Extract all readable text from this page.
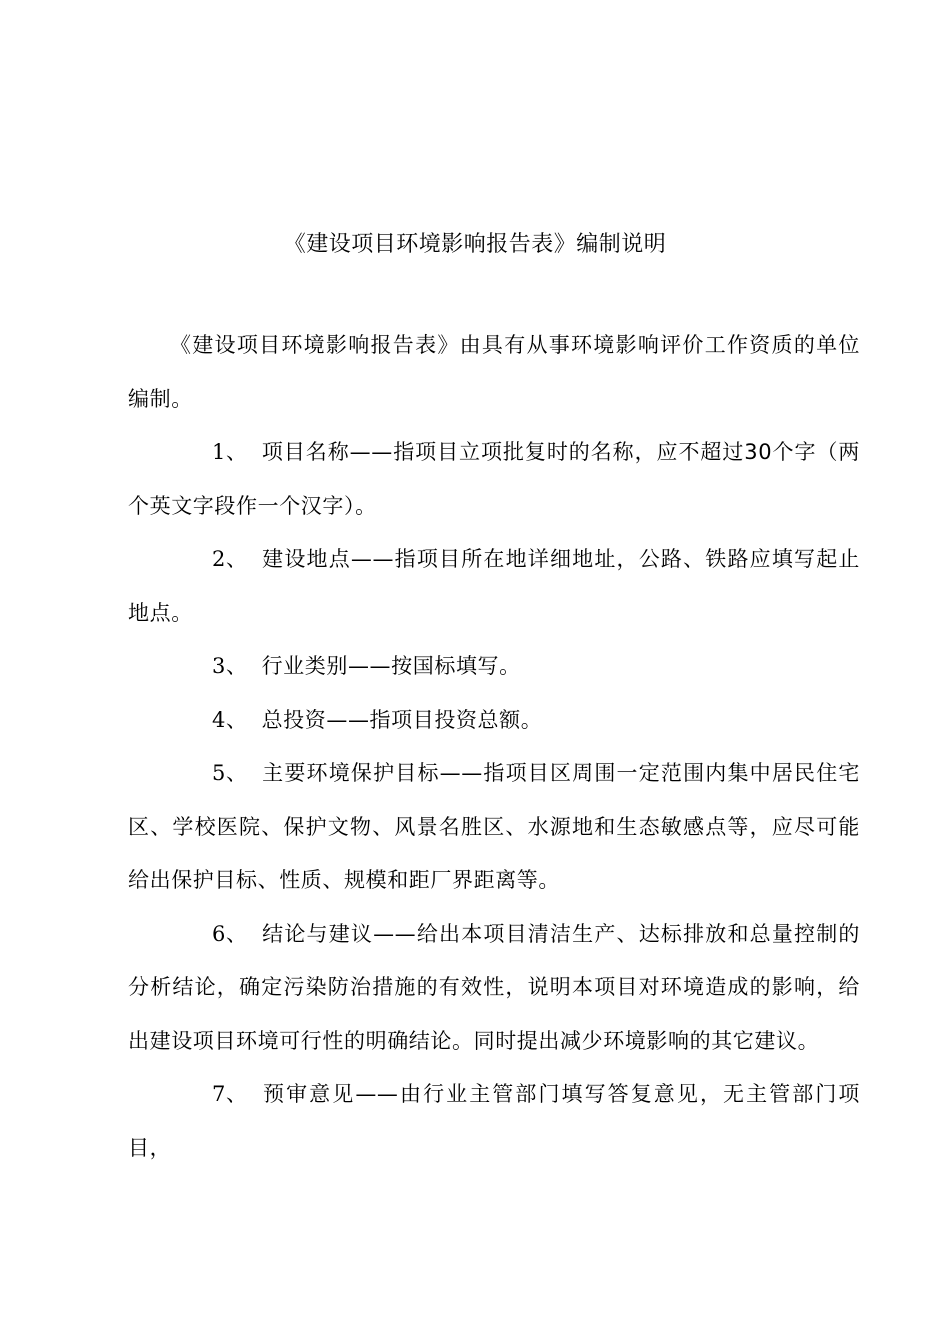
《建设项目环境影响报告表》编制说明

《建设项目环境影响报告表》由具有从事环境影响评价工作资质的单位编制。

1、 项目名称——指项目立项批复时的名称，应不超过30个字（两个英文字段作一个汉字）。

2、 建设地点——指项目所在地详细地址，公路、铁路应填写起止地点。

3、 行业类别——按国标填写。

4、 总投资——指项目投资总额。

5、 主要环境保护目标——指项目区周围一定范围内集中居民住宅区、学校医院、保护文物、风景名胜区、水源地和生态敏感点等，应尽可能给出保护目标、性质、规模和距厂界距离等。

6、 结论与建议——给出本项目清洁生产、达标排放和总量控制的分析结论，确定污染防治措施的有效性，说明本项目对环境造成的影响，给出建设项目环境可行性的明确结论。同时提出减少环境影响的其它建议。

7、 预审意见——由行业主管部门填写答复意见，无主管部门项目，
